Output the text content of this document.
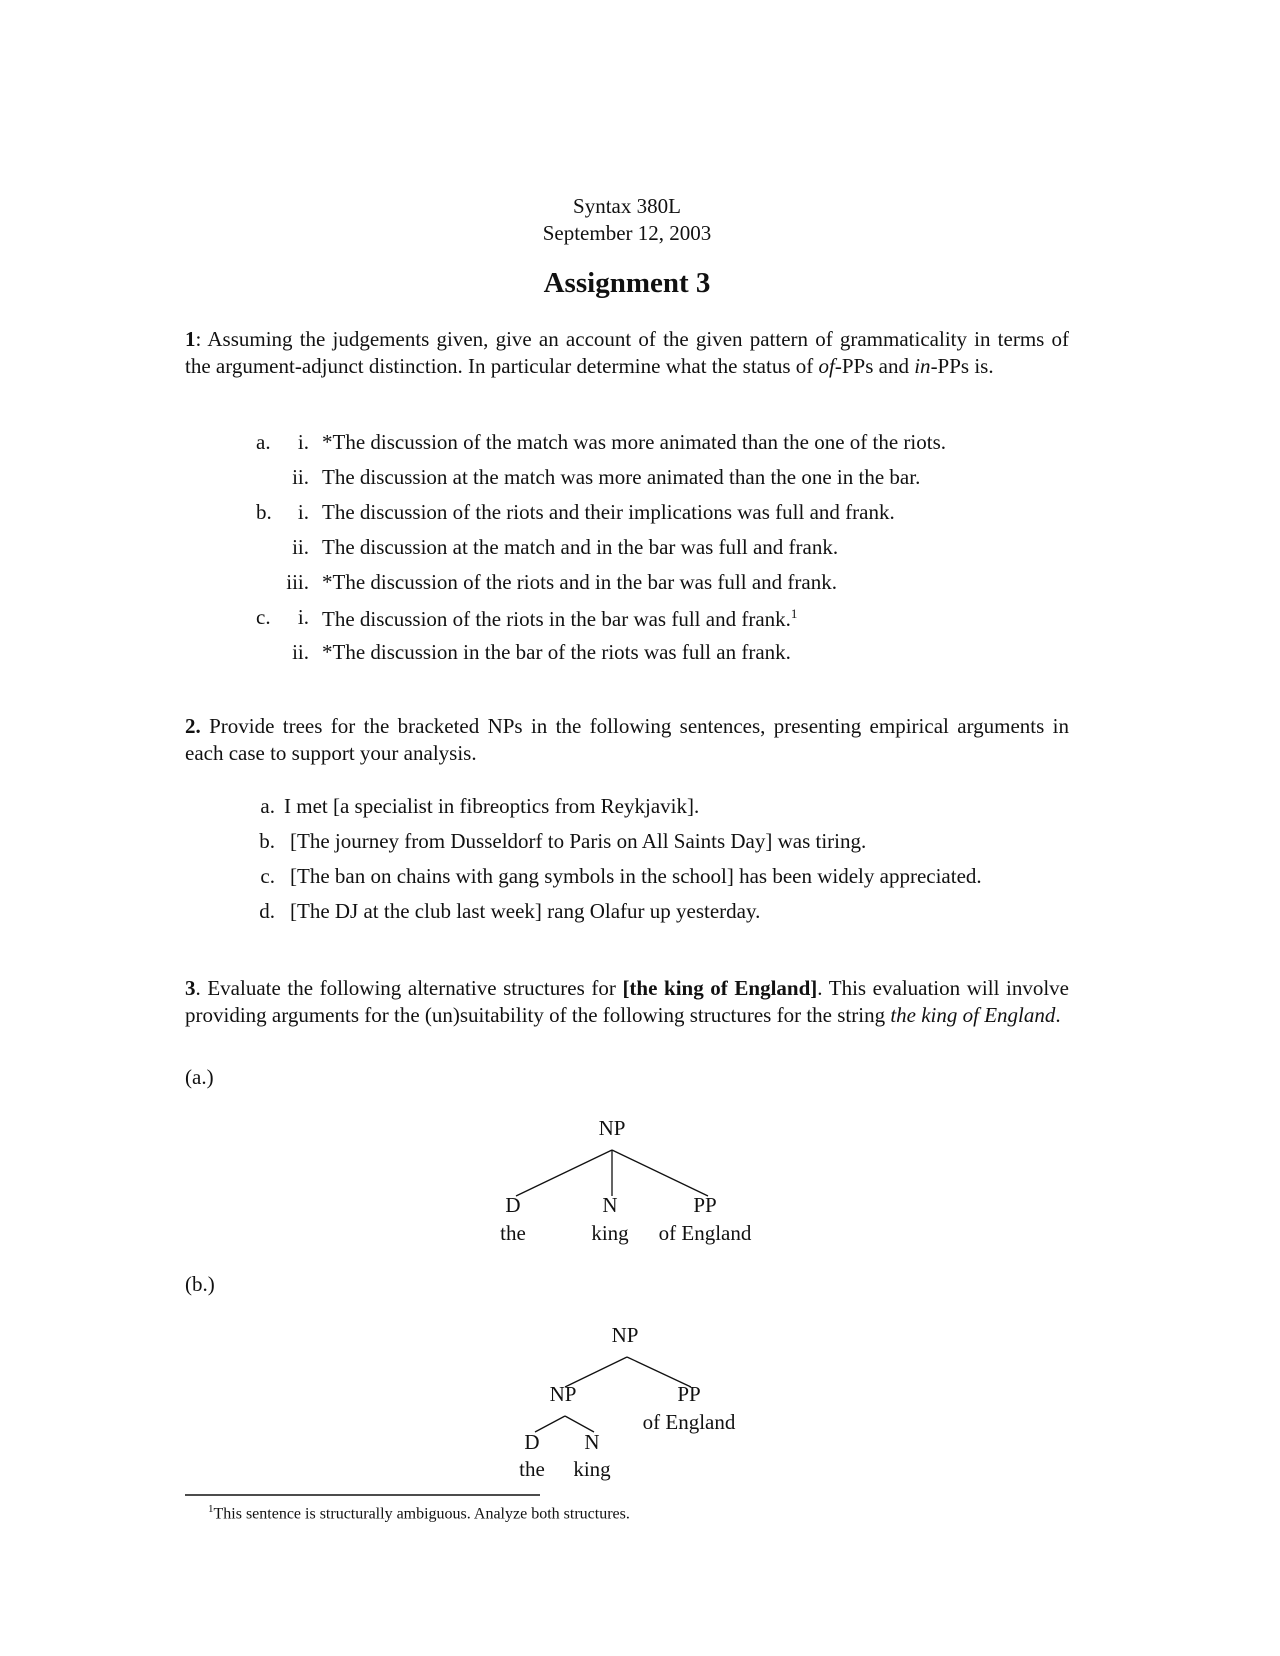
Syntax 380L
September 12, 2003
Assignment 3
1: Assuming the judgements given, give an account of the given pattern of grammaticality in terms of the argument-adjunct distinction. In particular determine what the status of of-PPs and in-PPs is.
a. i. *The discussion of the match was more animated than the one of the riots.
ii. The discussion at the match was more animated than the one in the bar.
b. i. The discussion of the riots and their implications was full and frank.
ii. The discussion at the match and in the bar was full and frank.
iii. *The discussion of the riots and in the bar was full and frank.
c. i. The discussion of the riots in the bar was full and frank.$^1$
ii. *The discussion in the bar of the riots was full an frank.
2. Provide trees for the bracketed NPs in the following sentences, presenting empirical arguments in each case to support your analysis.
a. I met [a specialist in fibreoptics from Reykjavik].
b. [The journey from Dusseldorf to Paris on All Saints Day] was tiring.
c. [The ban on chains with gang symbols in the school] has been widely appreciated.
d. [The DJ at the club last week] rang Olafur up yesterday.
3. Evaluate the following alternative structures for [the king of England]. This evaluation will involve providing arguments for the (un)suitability of the following structures for the string the king of England.
(a.)
NP
D	N	PP
the	king of England
(b.)
NP
NP	PP
of England
D N
the king
$^1$This sentence is structurally ambiguous. Analyze both structures.
